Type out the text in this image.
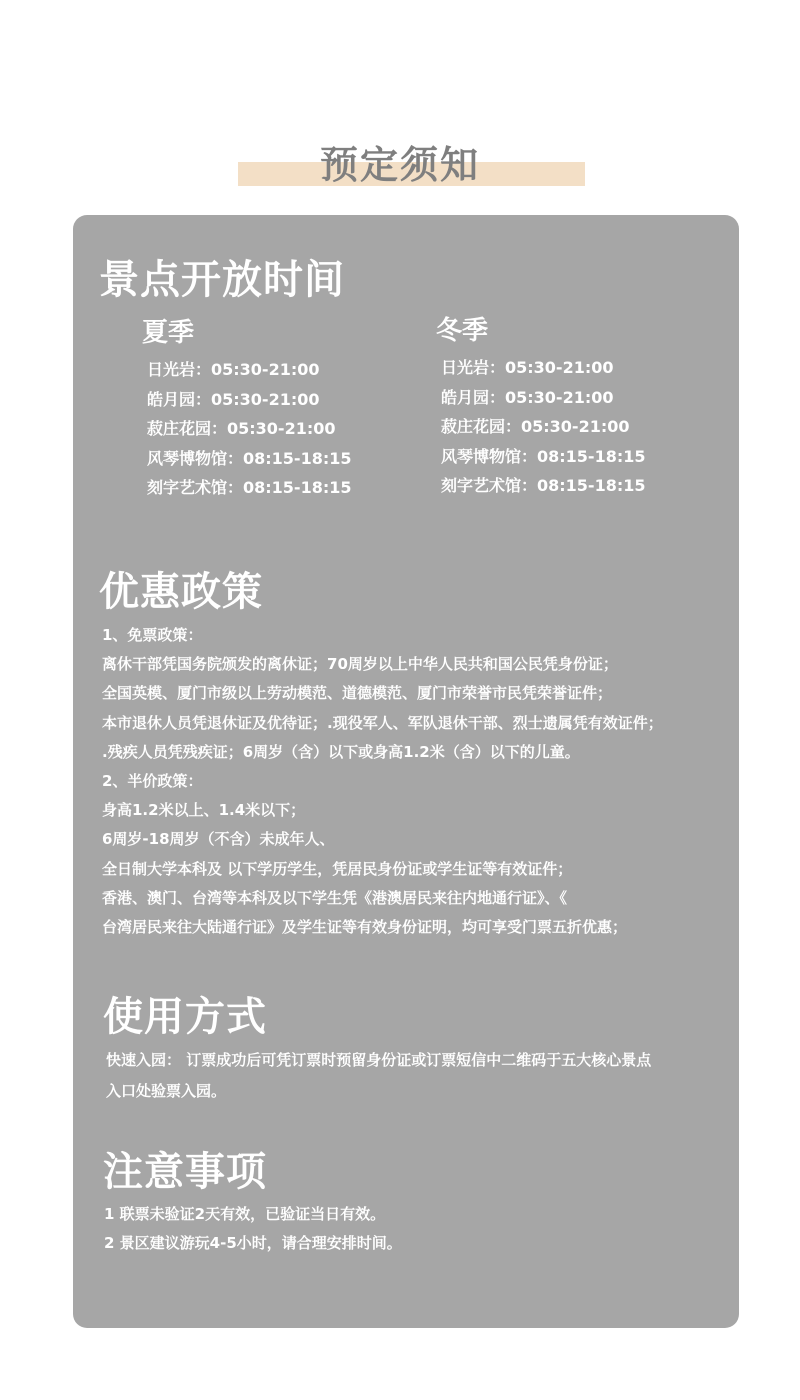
预定须知
景点开放时间
夏季
日光岩：05:30-21:00
皓月园：05:30-21:00
菽庄花园：05:30-21:00
风琴博物馆：08:15-18:15
刻字艺术馆：08:15-18:15
冬季
日光岩：05:30-21:00
皓月园：05:30-21:00
菽庄花园：05:30-21:00
风琴博物馆：08:15-18:15
刻字艺术馆：08:15-18:15
优惠政策
1、免票政策：
离休干部凭国务院颁发的离休证；70周岁以上中华人民共和国公民凭身份证；
全国英模、厦门市级以上劳动模范、道德模范、厦门市荣誉市民凭荣誉证件；
本市退休人员凭退休证及优待证；.现役军人、军队退休干部、烈士遗属凭有效证件；
.残疾人员凭残疾证；6周岁（含）以下或身高1.2米（含）以下的儿童。
2、半价政策：
身高1.2米以上、1.4米以下；
6周岁-18周岁（不含）未成年人、
全日制大学本科及 以下学历学生，凭居民身份证或学生证等有效证件；
香港、澳门、台湾等本科及以下学生凭《港澳居民来往内地通行证》、《
台湾居民来往大陆通行证》及学生证等有效身份证明，均可享受门票五折优惠；
使用方式
快速入园： 订票成功后可凭订票时预留身份证或订票短信中二维码于五大核心景点
入口处验票入园。
注意事项
1 联票未验证2天有效，已验证当日有效。
2 景区建议游玩4-5小时，请合理安排时间。
